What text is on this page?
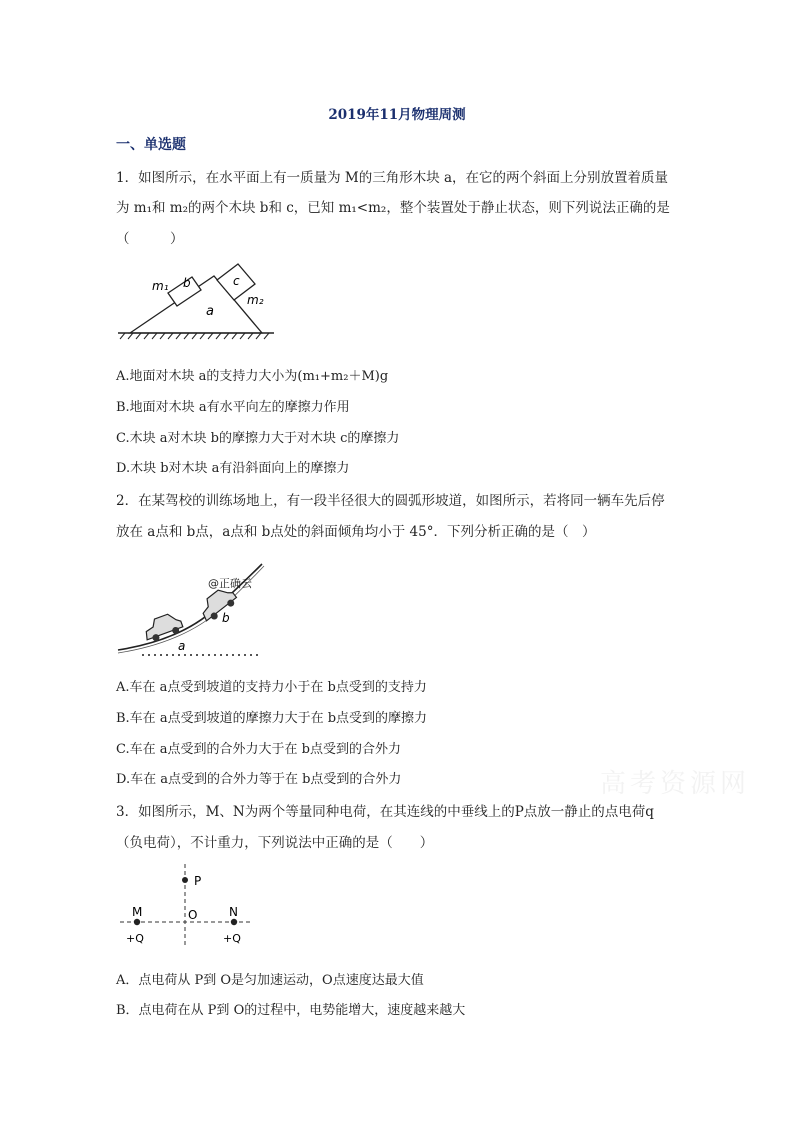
2019年11月物理周测
一、单选题
1．如图所示，在水平面上有一质量为 M的三角形木块 a，在它的两个斜面上分别放置着质量
为 m₁和 m₂的两个木块 b和 c，已知 m₁<m₂，整个装置处于静止状态，则下列说法正确的是
（　　　）
b	c
a
m₁
m₂
A.地面对木块 a的支持力大小为(m₁+m₂＋M)g
B.地面对木块 a有水平向左的摩擦力作用
C.木块 a对木块 b的摩擦力大于对木块 c的摩擦力
D.木块 b对木块 a有沿斜面向上的摩擦力
2．在某驾校的训练场地上，有一段半径很大的圆弧形坡道，如图所示，若将同一辆车先后停
放在 a点和 b点，a点和 b点处的斜面倾角均小于 45°．下列分析正确的是（　）
@正确云
b
a
A.车在 a点受到坡道的支持力小于在 b点受到的支持力
B.车在 a点受到坡道的摩擦力大于在 b点受到的摩擦力
C.车在 a点受到的合外力大于在 b点受到的合外力
D.车在 a点受到的合外力等于在 b点受到的合外力	高考资源网
3．如图所示，M、N为两个等量同种电荷，在其连线的中垂线上的P点放一静止的点电荷q
（负电荷），不计重力，下列说法中正确的是（　　）
P
M	O	N
+Q	+Q
A．点电荷从 P到 O是匀加速运动，O点速度达最大值
B．点电荷在从 P到 O的过程中，电势能增大，速度越来越大
